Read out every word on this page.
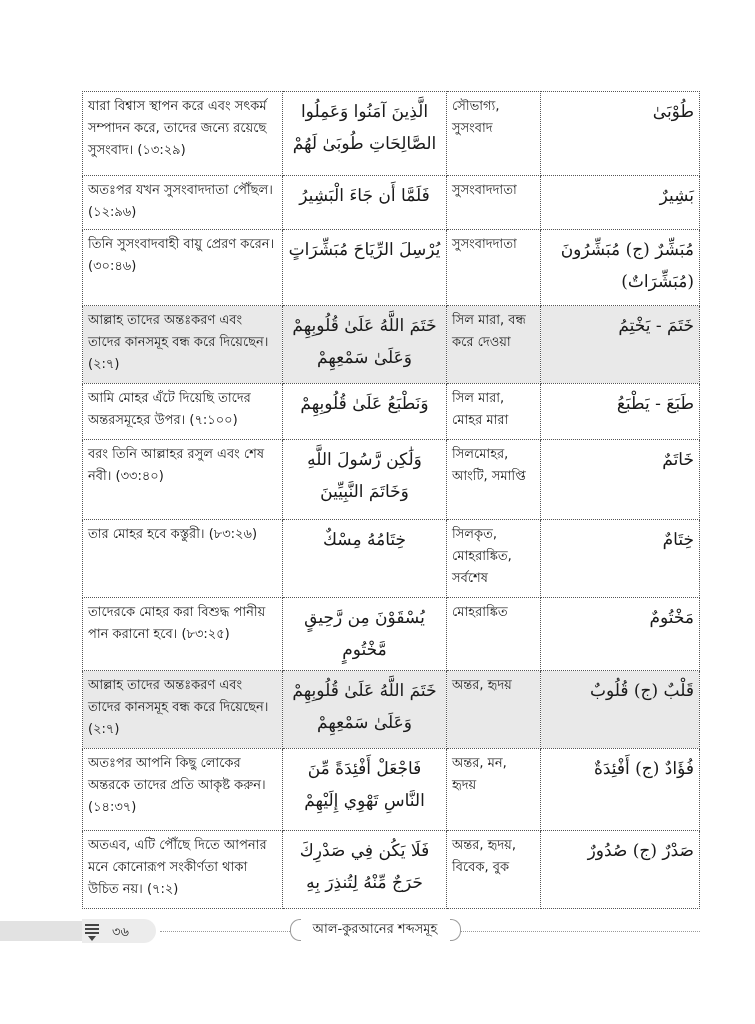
যারা বিশ্বাস স্থাপন করে এবং সৎকর্ম সম্পাদন করে, তাদের জন্যে রয়েছে সুসংবাদ। (১৩:২৯)	الَّذِينَ آمَنُوا وَعَمِلُوا الصَّالِحَاتِ طُوبَىٰ لَهُمْ	সৌভাগ্য, সুসংবাদ	طُوْبَىٰ
অতঃপর যখন সুসংবাদদাতা পৌঁছল। (১২:৯৬)	فَلَمَّا أَن جَاءَ الْبَشِيرُ	সুসংবাদদাতা	بَشِيرٌ
তিনি সুসংবাদবাহী বায়ু প্রেরণ করেন। (৩০:৪৬)	يُرْسِلَ الرِّيَاحَ مُبَشِّرَاتٍ	সুসংবাদদাতা	مُبَشِّرٌ (ج) مُبَشِّرُونَ (مُبَشِّرَاتٌ)
আল্লাহ তাদের অন্তঃকরণ এবং তাদের কানসমূহ বন্ধ করে দিয়েছেন। (২:৭)	خَتَمَ اللَّهُ عَلَىٰ قُلُوبِهِمْ وَعَلَىٰ سَمْعِهِمْ	সিল মারা, বন্ধ করে দেওয়া	خَتَمَ - يَخْتِمُ
আমি মোহর এঁটে দিয়েছি তাদের অন্তরসমূহের উপর। (৭:১০০)	وَنَطْبَعُ عَلَىٰ قُلُوبِهِمْ	সিল মারা, মোহর মারা	طَبَعَ - يَطْبَعُ
বরং তিনি আল্লাহর রসুল এবং শেষ নবী। (৩৩:৪০)	وَلَٰكِن رَّسُولَ اللَّهِ وَخَاتَمَ النَّبِيِّينَ	সিলমোহর, আংটি, সমাপ্তি	خَاتَمٌ
তার মোহর হবে কস্তুরী। (৮৩:২৬)	خِتَامُهُ مِسْكٌ	সিলকৃত, মোহরাঙ্কিত, সর্বশেষ	خِتَامٌ
তাদেরকে মোহর করা বিশুদ্ধ পানীয় পান করানো হবে। (৮৩:২৫)	يُسْقَوْنَ مِن رَّحِيقٍ مَّخْتُومٍ	মোহরাঙ্কিত	مَخْتُومٌ
আল্লাহ তাদের অন্তঃকরণ এবং তাদের কানসমূহ বন্ধ করে দিয়েছেন। (২:৭)	خَتَمَ اللَّهُ عَلَىٰ قُلُوبِهِمْ وَعَلَىٰ سَمْعِهِمْ	অন্তর, হৃদয়	قَلْبٌ (ج) قُلُوبٌ
অতঃপর আপনি কিছু লোকের অন্তরকে তাদের প্রতি আকৃষ্ট করুন। (১৪:৩৭)	فَاجْعَلْ أَفْئِدَةً مِّنَ النَّاسِ تَهْوِي إِلَيْهِمْ	অন্তর, মন, হৃদয়	فُؤَادٌ (ج) أَفْئِدَةٌ
অতএব, এটি পৌঁছে দিতে আপনার মনে কোনোরূপ সংকীর্ণতা থাকা উচিত নয়। (৭:২)	فَلَا يَكُن فِي صَدْرِكَ حَرَجٌ مِّنْهُ لِتُنذِرَ بِهِ	অন্তর, হৃদয়, বিবেক, বুক	صَدْرٌ (ج) صُدُورٌ
৩৬	আল-কুরআনের শব্দসমূহ
